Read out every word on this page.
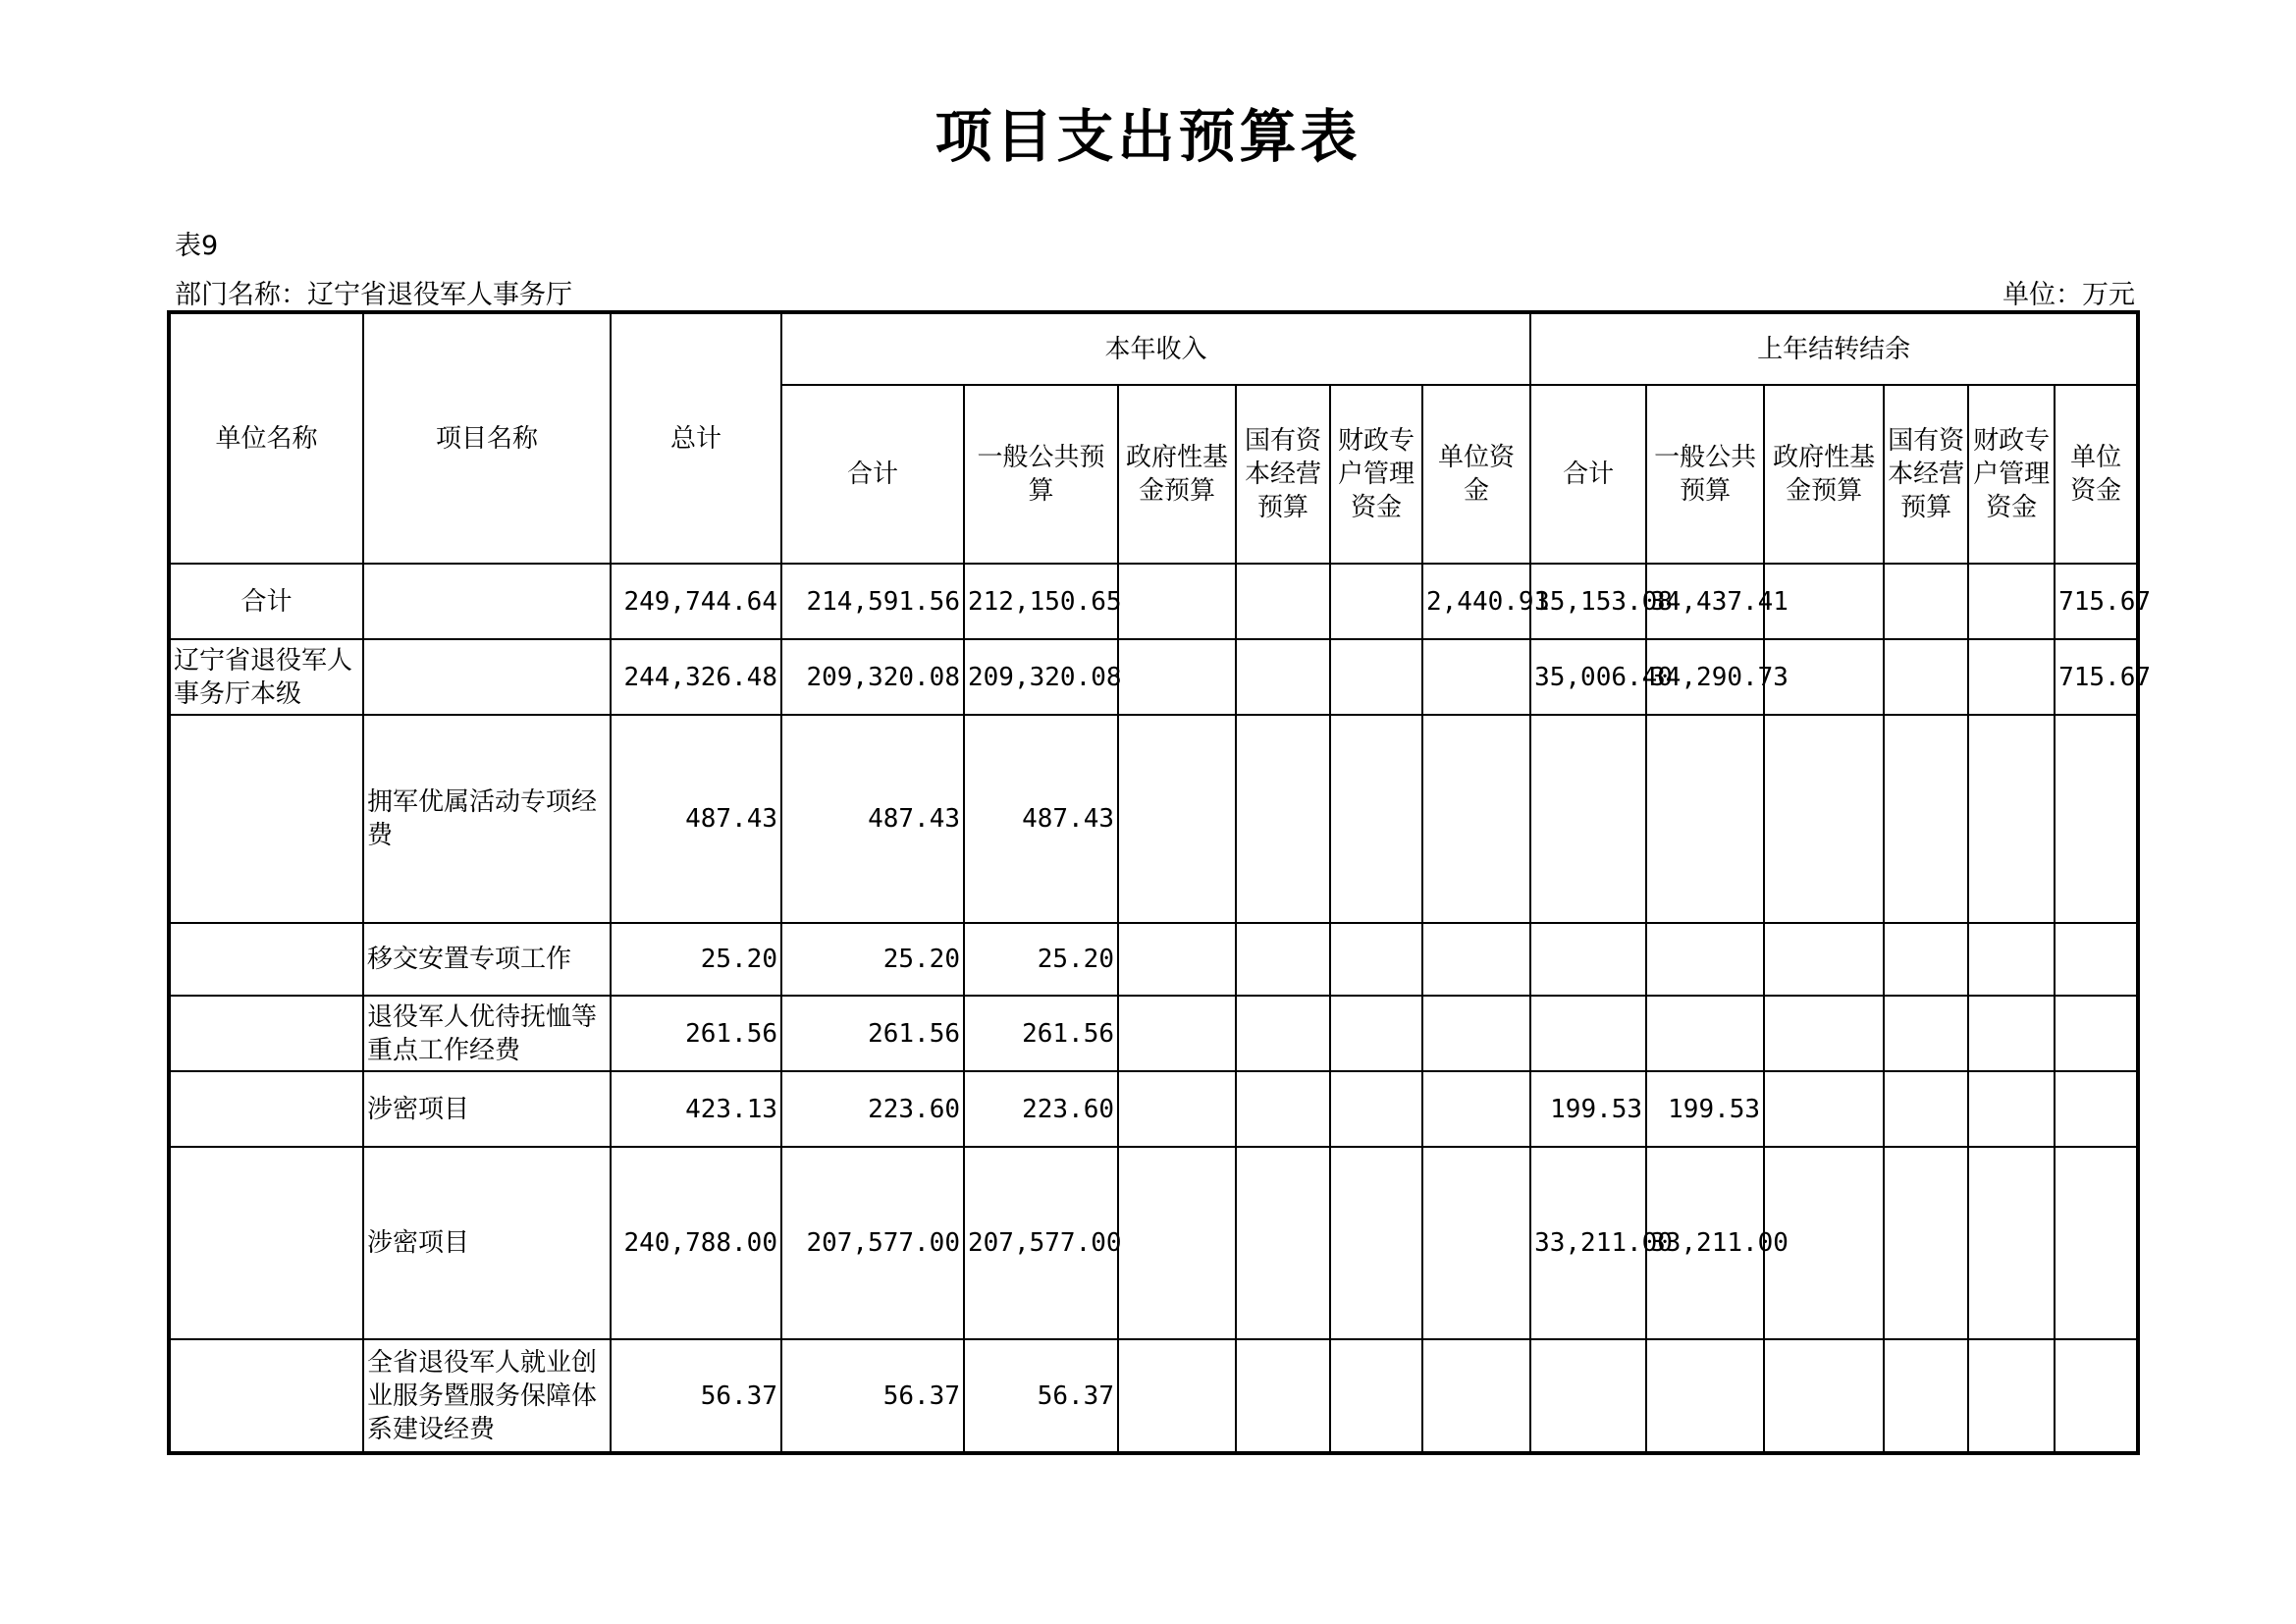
项目支出预算表
表9
部门名称：辽宁省退役军人事务厅	单位：万元
单位名称	项目名称	总计	本年收入						上年结转结余					
			合计	一般公共预算	政府性基金预算	国有资本经营预算	财政专户管理资金	单位资金	合计	一般公共预算	政府性基金预算	国有资本经营预算	财政专户管理资金	单位资金
合计		249,744.64	214,591.56	212,150.65				2,440.91	35,153.08	34,437.41				715.67
辽宁省退役军人事务厅本级		244,326.48	209,320.08	209,320.08					35,006.40	34,290.73				715.67
	拥军优属活动专项经费	487.43	487.43	487.43										
	移交安置专项工作	25.20	25.20	25.20										
	退役军人优待抚恤等重点工作经费	261.56	261.56	261.56										
	涉密项目	423.13	223.60	223.60					199.53	199.53				
	涉密项目	240,788.00	207,577.00	207,577.00					33,211.00	33,211.00				
	全省退役军人就业创业服务暨服务保障体系建设经费	56.37	56.37	56.37										
